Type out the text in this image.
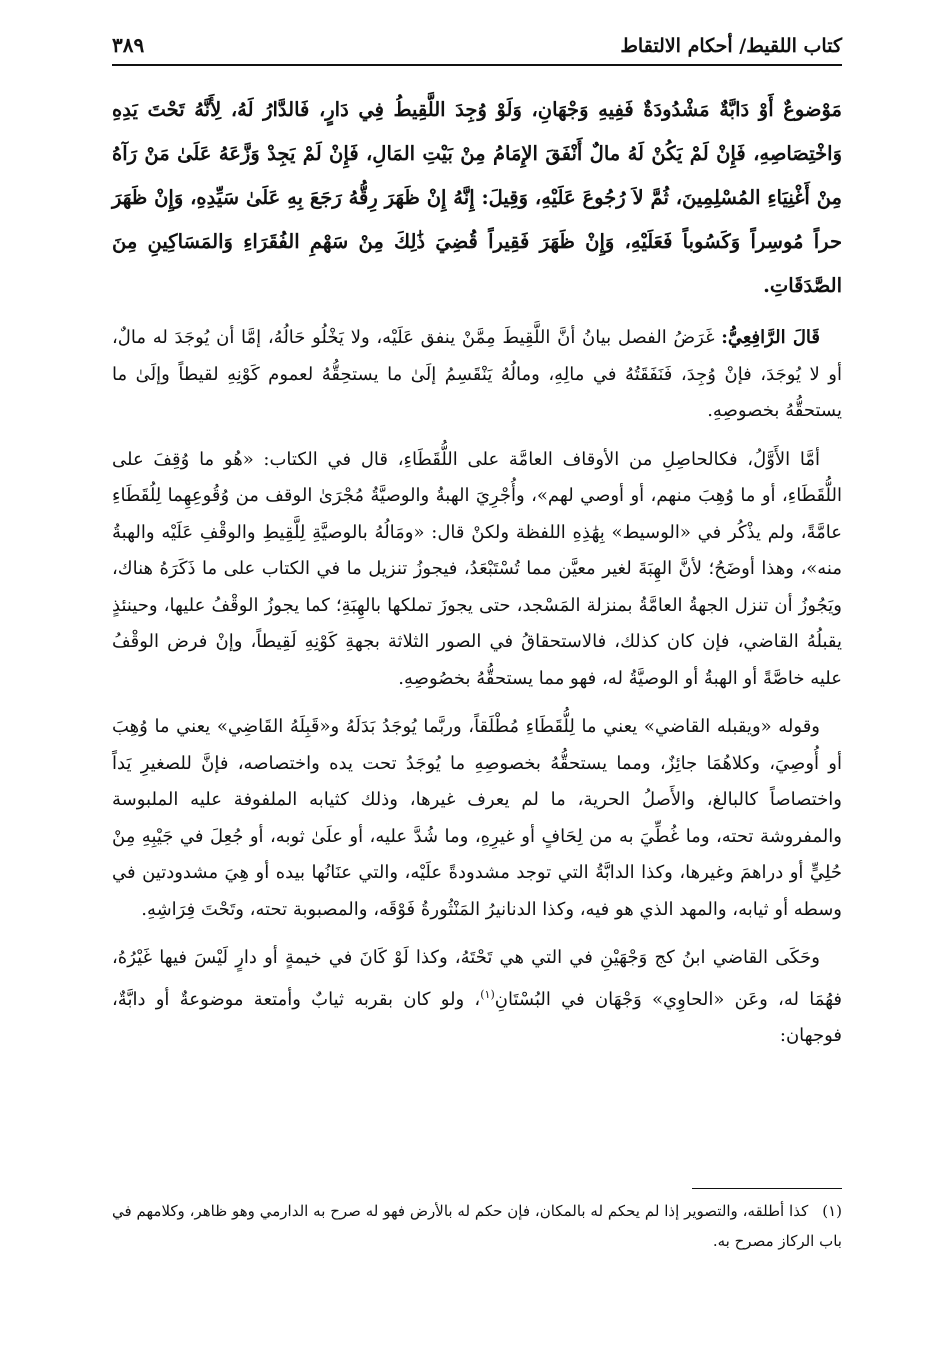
كتاب اللقيط/ أحكام الالتقاط
٣٨٩
مَوْضوعٌ أَوْ دَابَّةٌ مَشْدُودَةٌ فَفِيهِ وَجْهَانِ، وَلَوْ وُجِدَ اللَّقِيطُ فِي دَارٍ، فَالدَّارُ لَهُ، لِأَنَّهُ تَحْتَ يَدِهِ وَاخْتِصَاصِهِ، فَإِنْ لَمْ يَكُنْ لَهُ مالٌ أَنْفَقَ الإِمَامُ مِنْ بَيْتِ المَالِ، فَإِنْ لَمْ يَجِدْ وَزَّعَهُ عَلَىٰ مَنْ رَآهُ مِنْ أَغْنِيَاءِ المُسْلِمِينَ، ثُمَّ لاَ رُجُوعَ عَلَيْهِ، وَقِيلَ: إِنَّهُ إِنْ ظَهَرَ رِقُّهُ رَجَعَ بِهِ عَلَىٰ سَيِّدِهِ، وَإِنْ ظَهَرَ حراً مُوسِراً وَكَسُوباً فَعَلَيْهِ، وَإِنْ ظَهَرَ فَقِيراً قُضِيَ ذَٰلِكَ مِنْ سَهْمِ الفُقَرَاءِ وَالمَسَاكِينِ مِنَ الصَّدَقَاتِ.
قَالَ الرَّافِعِيُّ: غَرَضُ الفصل بيانُ أنَّ اللَّقِيطَ مِمَّنْ ينفق عَلَيْه، ولا يَخْلُو حَالُهُ، إمَّا أن يُوجَدَ له مالٌ، أو لا يُوجَدَ، فإنْ وُجِدَ، فَنَفَقَتُهُ في مالِهِ، ومالُهُ يَنْقَسِمُ إلَىٰ ما يستحِقُّهُ لعموم كَوْنِهِ لقيطاً وإلَىٰ ما يستحقُّهُ بخصوصِهِ.
أمَّا الأَوَّلُ، فكالحاصِلِ من الأوقاف العامَّة على اللُّقَطَاءِ، قال في الكتاب: «هُو ما وُقِفَ على اللُّقَطَاءِ، أو ما وُهِبَ منهم، أو أوصي لهم»، وأُجْرِيَ الهبةُ والوصيَّةُ مُجْرَىٰ الوقف من وُقُوعِهِما لِلُقَطَاءِ عامَّةً، ولم يذْكُر في «الوسيط» بِهَٰذِهِ اللفظة ولكنْ قال: «ومَالُهُ بالوصيَّةِ لِلَّقِيطِ والوقْفِ عَلَيْه والهبةُ منه»، وهذا أوضَحُ؛ لأنَّ الهِبَةَ لغير معيَّن مما تُسْتَبْعَدُ، فيجوزُ تنزيل ما في الكتاب على ما ذَكَرَهُ هناك، ويَجُوزُ أن تنزل الجهةُ العامَّةُ بمنزلة المَسْجد، حتى يجوزَ تملكها بالهِبَةِ؛ كما يجوزُ الوقْفُ عليها، وحينئذٍ يقبلُهُ القاضي، فإن كان كذلك، فالاستحقاقُ في الصور الثلاثة بجهةِ كَوْنِهِ لَقِيطاً، وإنْ فرض الوقْفُ عليه خاصَّةً أو الهبةُ أو الوصيَّةُ له، فهو مما يستحقُّهُ بخصُوصِهِ.
وقوله «ويقبله القاضي» يعني ما لِلُّقَطَاءِ مُطْلَقاً، وربَّما يُوجَدُ بَدَلَهُ و«قَبِلَهُ القَاضِي» يعني ما وُهِبَ أو أُوصِيَ، وكلاهُمَا جائِزٌ، ومما يستحقُّهُ بخصوصِهِ ما يُوجَدُ تحت يده واختصاصه، فإنَّ للصغيرِ يَداً واختصاصاً كالبالغ، والأَصلُ الحرية، ما لم يعرف غيرها، وذلك كثيابه الملفوفة عليه الملبوسة والمفروشة تحته، وما غُطِّيَ به من لِحَافٍ أو غيرِهِ، وما شُدَّ عليه، أو علَىٰ ثوبه، أو جُعِلَ في جَيْبِهِ مِنْ حُلِيٍّ أو دراهمَ وغيرها، وكذا الدابَّةُ التي توجد مشدودةً علَيْه، والتي عنَانُها بيده أو هِيَ مشدودتين في وسطه أو ثيابه، والمهد الذي هو فيه، وكذا الدنانيرُ المَنْثُورةُ فَوْقَه، والمصبوبة تحته، وتَحْتَ فِرَاشِهِ.
وحَكَى القاضي ابنُ كج وَجْهَيْنِ في التي هي تَحْتَهُ، وكذا لَوْ كَانَ في خيمةٍ أو دارٍ لَيْسَ فيها غَيْرُهُ، فهُمَا له، وعَن «الحاوِي» وَجْهَان في البُسْتَانِ$^{(١)}$، ولو كان بقربه ثيابٌ وأمتعة موضوعةٌ أو دابَّةٌ، فوجهان:
(١)كذا أطلقه، والتصوير إذا لم يحكم له بالمكان، فإن حكم له بالأرض فهو له صرح به الدارمي وهو ظاهر، وكلامهم في باب الركاز مصرح به.
